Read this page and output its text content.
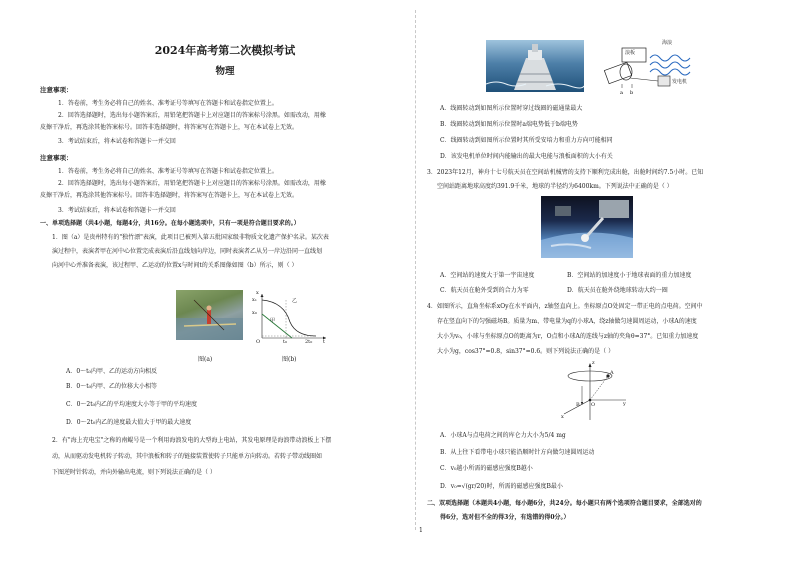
2024年高考第二次模拟考试
物理
注意事项：
1．答卷前，考生务必将自己的姓名、准考证号等填写在答题卡和试卷指定位置上。
2．回答选择题时，选出每小题答案后，用铅笔把答题卡上对应题目的答案标号涂黑。如需改动，用橡
皮擦干净后，再选涂其他答案标号。回答非选择题时，将答案写在答题卡上，写在本试卷上无效。
3．考试结束后，将本试卷和答题卡一并交回
注意事项：
1．答卷前，考生务必将自己的姓名、准考证号等填写在答题卡和试卷指定位置上。
2．回答选择题时，选出每小题答案后，用铅笔把答题卡上对应题目的答案标号涂黑。如需改动，用橡
皮擦干净后，再选涂其他答案标号。回答非选择题时，将答案写在答题卡上，写在本试卷上无效。
3．考试结束后，将本试卷和答题卡一并交回
一、单项选择题（共4小题，每题4分，共16分。在每小题选项中，只有一项是符合题目要求的。）
1．图（a）是贵州特有的"独竹漂"表演，此项目已被列入第五批国家级非物质文化遗产保护名录。某次表
演过程中，表演者甲在河中心位置完成表演后沿直线划向岸边，同时表演者乙从另一岸边沿同一直线划
向河中心并准备表演，该过程甲、乙运动的位置x与时间t的关系图像如图（b）所示，则（ ）
图(a)
x
x₀
x₁
O	t₀	2t₀ t
乙
甲
图(b)
A．0～t₀内甲、乙的运动方向相反
B．0～t₀内甲、乙的位移大小相等
C．0～2t₀内乙的平均速度大小等于甲的平均速度
D．0～2t₀内乙的速度最大值大于甲的最大速度
2．有"海上充电宝"之称的南鲲号是一个利用海浪发电的大型海上电站，其发电原理是海浪带动浪板上下摆
动，从而驱动发电机转子转动，其中浪板和转子的链接装置使转子只能单方向转动。若转子带动线圈如
下图逆时针转动，并向外输出电流，则下列说法正确的是（ ）
1
a b
海浪
浪板
发电机
A．线圈转动到如图所示位置时穿过线圈的磁通量最大
B．线圈转动到如图所示位置时a端电势低于b端电势
C．线圈转动到如图所示位置时其所受安培力和重力方向可能相同
D．该发电机单位时间内能输出的最大电能与浪板面积的大小有关
3．2023年12月，神舟十七号航天员在空间站机械臂的支持下顺利完成出舱，出舱时间约7.5小时。已知
空间站距离地球高度约391.9千米，地球的半径约为6400km。下列说法中正确的是（ ）
A．空间站的速度大于第一宇宙速度	B．空间站的加速度小于地球表面的重力加速度
C．航天员在舱外受到的合力为零	D．航天员在舱外绕地球转动大约一圈
4．如图所示，直角坐标系xOy在水平面内，z轴竖直向上。坐标原点O处固定一带正电的点电荷。空间中
存在竖直向下的匀强磁场B。质量为m、带电量为q的小球A，绕z轴做匀速圆周运动，小球A的速度
大小为v₀，小球与坐标原点O的距离为r，O点和小球A的连线与z轴的夹角θ=37°。已知重力加速度
大小为g，cos37°=0.8，sin37°=0.6。则下列说法正确的是（ ）
z
A
B O
x
y
A．小球A与点电荷之间的库仑力大小为5/4 mg
B．从上往下看带电小球只能沿顺时针方向做匀速圆周运动
C．v₀越小所需的磁感应强度B越小
D．v₀=√(gr/20)时，所需的磁感应强度B最小
二、双项选择题（本题共4小题，每小题6分，共24分。每小题只有两个选项符合题目要求，全部选对的
得6分，选对但不全的得3分，有选错的得0分。）
